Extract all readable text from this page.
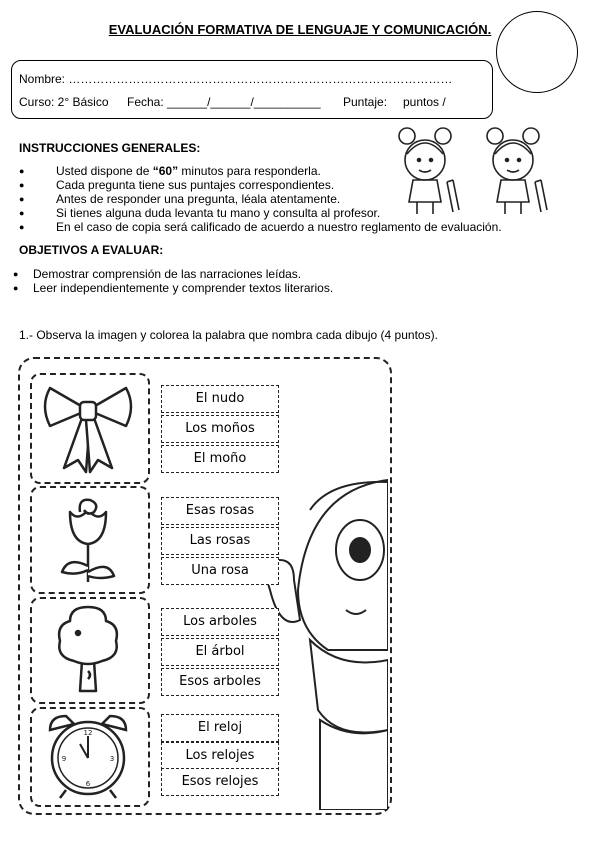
EVALUACIÓN FORMATIVA DE LENGUAJE Y COMUNICACIÓN.
Nombre: ……………………………………………………………………………………
Curso: 2° Básico Fecha: ______/______/__________ Puntaje: puntos /
INSTRUCCIONES GENERALES:
●	Usted dispone de “60” minutos para responderla.
●	Cada pregunta tiene sus puntajes correspondientes.
●	Antes de responder una pregunta, léala atentamente.
●	Si tienes alguna duda levanta tu mano y consulta al profesor.
●	En el caso de copia será calificado de acuerdo a nuestro reglamento de evaluación.
OBJETIVOS A EVALUAR:
● Demostrar comprensión de las narraciones leídas.
● Leer independientemente y comprender textos literarios.
1.- Observa la imagen y colorea la palabra que nombra cada dibujo (4 puntos).
El nudo
Los moños
El moño
Esas rosas
Las rosas
Una rosa
Los arboles
El árbol
Esos arboles
12
3
6
9
El reloj
Los relojes
Esos relojes
